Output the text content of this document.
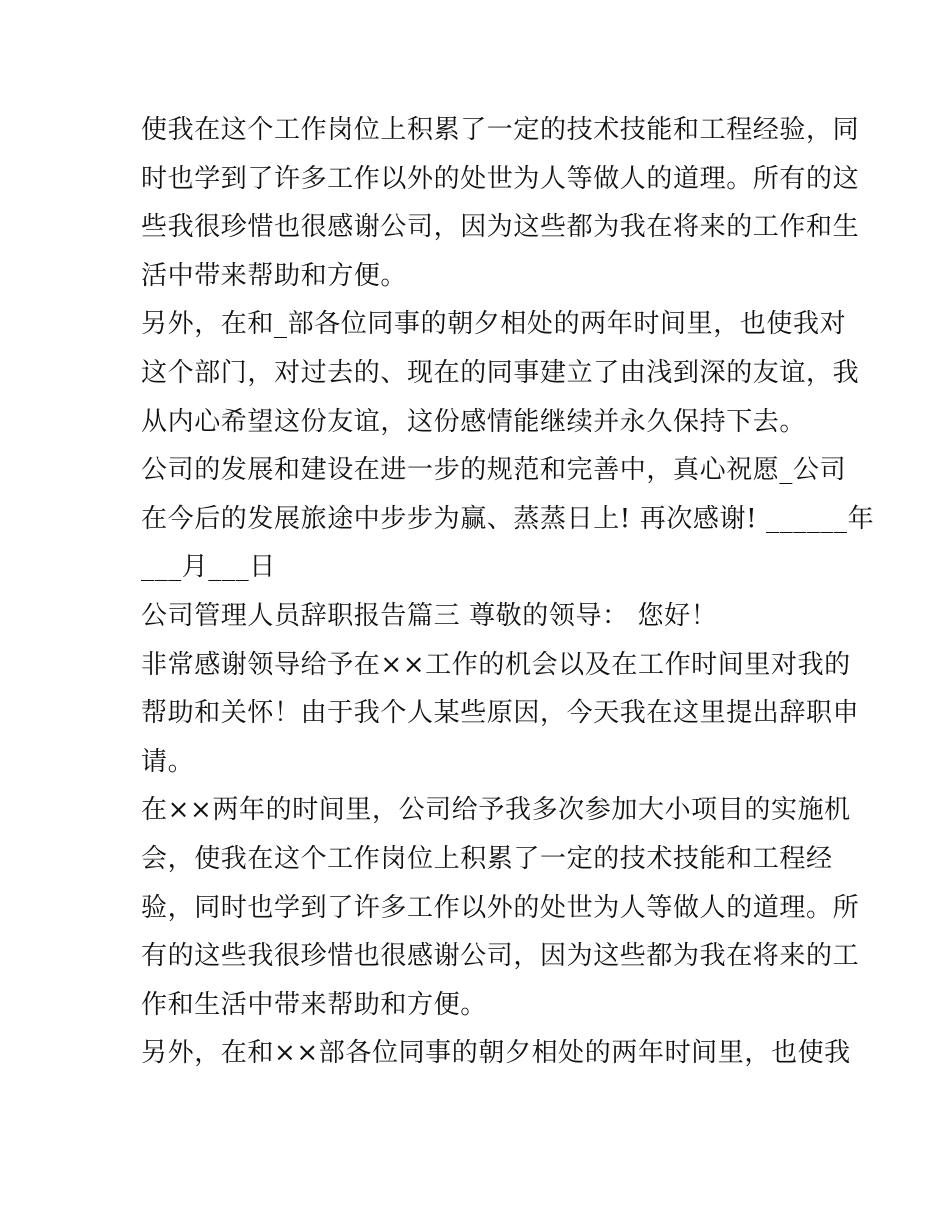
使我在这个工作岗位上积累了一定的技术技能和工程经验，同
时也学到了许多工作以外的处世为人等做人的道理。所有的这
些我很珍惜也很感谢公司，因为这些都为我在将来的工作和生
活中带来帮助和方便。
另外，在和_部各位同事的朝夕相处的两年时间里，也使我对
这个部门，对过去的、现在的同事建立了由浅到深的友谊，我
从内心希望这份友谊，这份感情能继续并永久保持下去。
公司的发展和建设在进一步的规范和完善中，真心祝愿_公司
在今后的发展旅途中步步为赢、蒸蒸日上! 再次感谢! ______年
___月___日
公司管理人员辞职报告篇三 尊敬的领导： 您好！
非常感谢领导给予在××工作的机会以及在工作时间里对我的
帮助和关怀！由于我个人某些原因，今天我在这里提出辞职申
请。
在××两年的时间里，公司给予我多次参加大小项目的实施机
会，使我在这个工作岗位上积累了一定的技术技能和工程经
验，同时也学到了许多工作以外的处世为人等做人的道理。所
有的这些我很珍惜也很感谢公司，因为这些都为我在将来的工
作和生活中带来帮助和方便。
另外，在和××部各位同事的朝夕相处的两年时间里，也使我
